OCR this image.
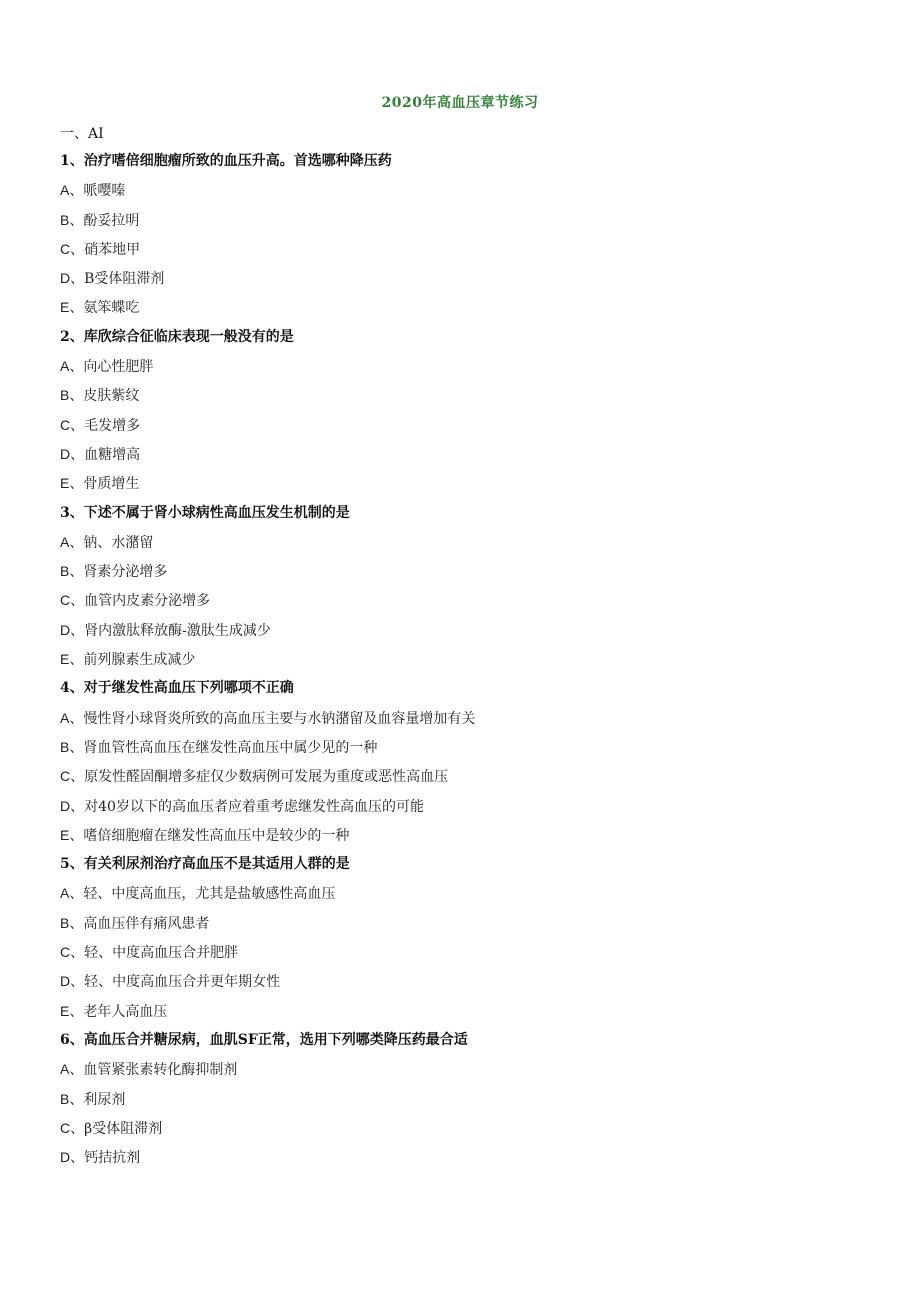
2020年高血压章节练习
一、AI
1、治疗嗜倍细胞瘤所致的血压升高。首选哪种降压药
A、哌嘤嗪
B、酚妥拉明
C、硝苯地甲
D、B受体阻滞剂
E、氨笨蝶吃
2、库欣综合征临床表现一般没有的是
A、向心性肥胖
B、皮肤紫纹
C、毛发增多
D、血糖增高
E、骨质增生
3、下述不属于肾小球病性高血压发生机制的是
A、钠、水潴留
B、肾素分泌增多
C、血管内皮素分泌增多
D、肾内激肽释放酶-激肽生成减少
E、前列腺素生成减少
4、对于继发性高血压下列哪项不正确
A、慢性肾小球肾炎所致的高血压主要与水钠潴留及血容量增加有关
B、肾血管性高血压在继发性高血压中属少见的一种
C、原发性醛固酮增多症仅少数病例可发展为重度或恶性高血压
D、对40岁以下的高血压者应着重考虑继发性高血压的可能
E、嗜倍细胞瘤在继发性高血压中是较少的一种
5、有关利尿剂治疗高血压不是其适用人群的是
A、轻、中度高血压，尤其是盐敏感性高血压
B、高血压伴有痛风患者
C、轻、中度高血压合并肥胖
D、轻、中度高血压合并更年期女性
E、老年人高血压
6、高血压合并糖尿病，血肌SF正常，选用下列哪类降压药最合适
A、血管紧张素转化酶抑制剂
B、利尿剂
C、β受体阻滞剂
D、钙拮抗剂
